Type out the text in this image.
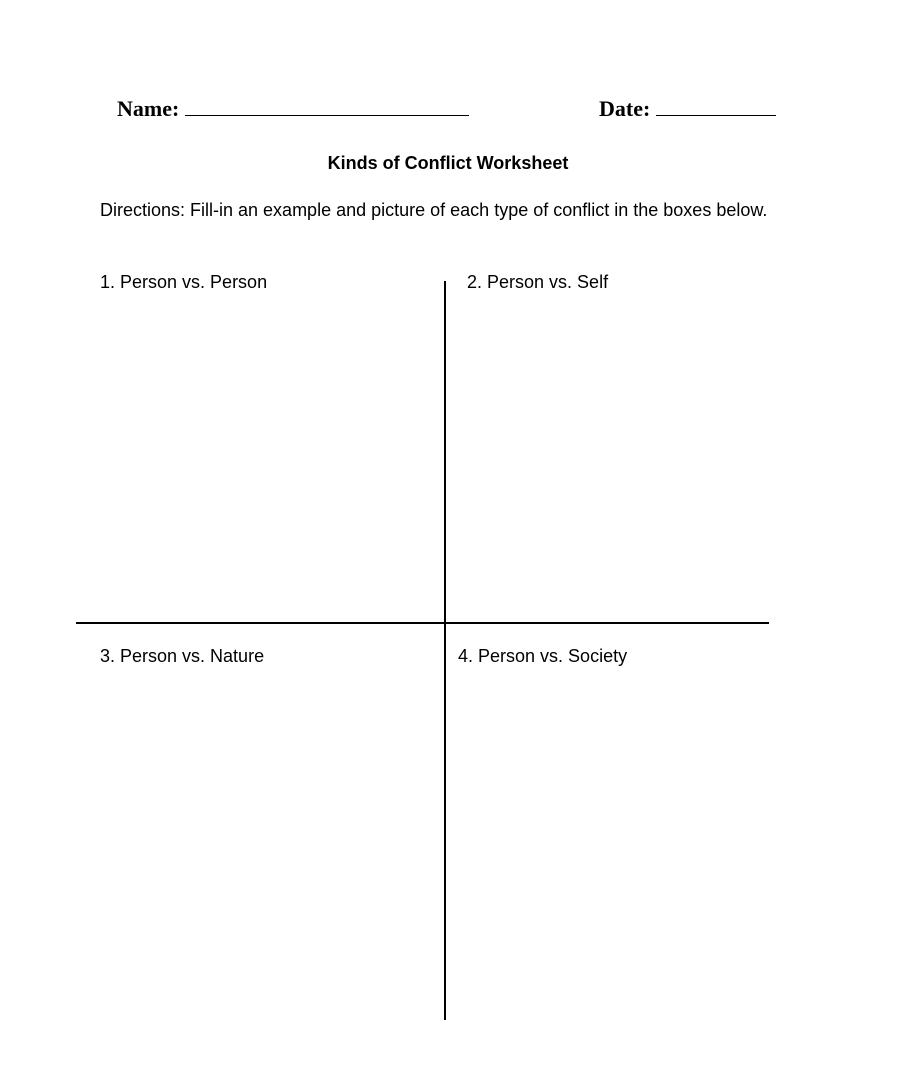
Name:	Date:
Kinds of Conflict Worksheet
Directions: Fill-in an example and picture of each type of conflict in the boxes below.
1. Person vs. Person	2. Person vs. Self
3. Person vs. Nature	4. Person vs. Society
